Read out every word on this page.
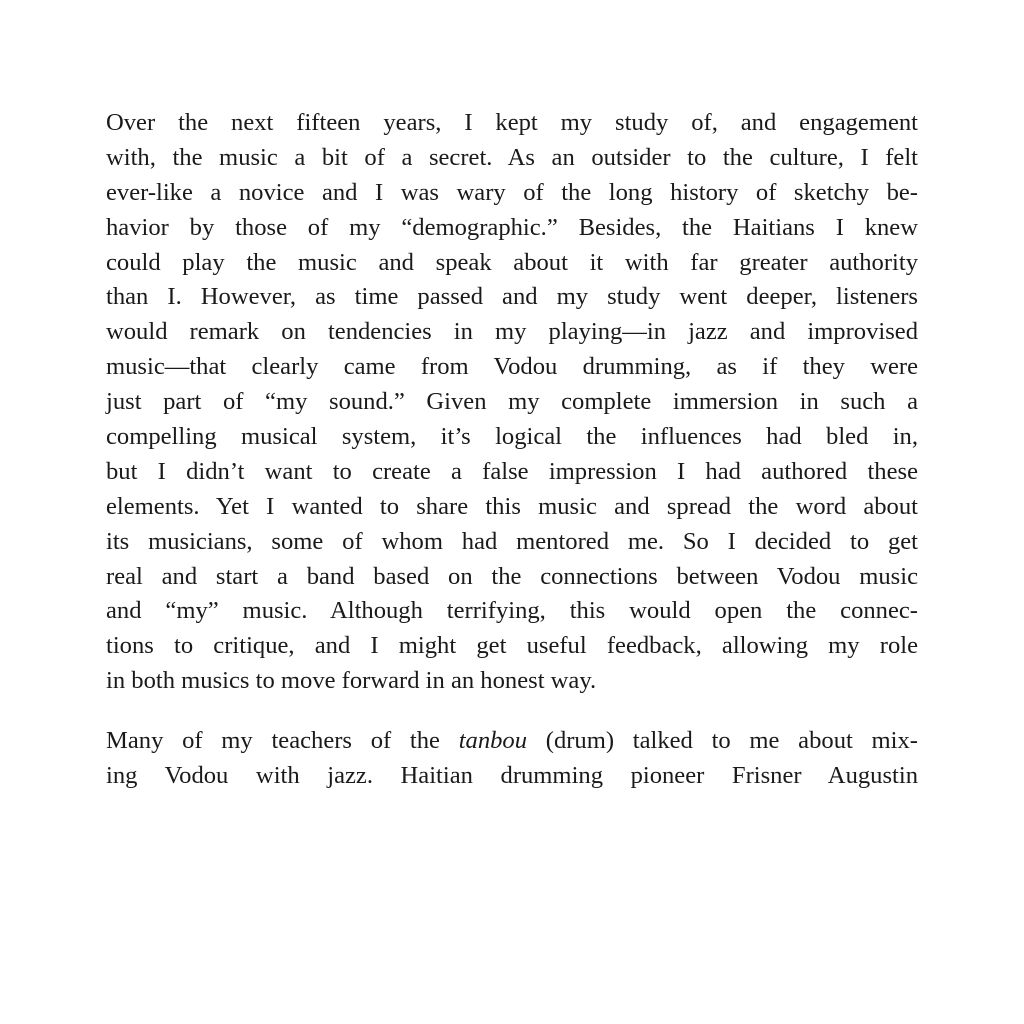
Over the next fifteen years, I kept my study of, and engagement
with, the music a bit of a secret. As an outsider to the culture, I felt
ever-like a novice and I was wary of the long history of sketchy be-
havior by those of my “demographic.” Besides, the Haitians I knew
could play the music and speak about it with far greater authority
than I. However, as time passed and my study went deeper, listeners
would remark on tendencies in my playing—in jazz and improvised
music—that clearly came from Vodou drumming, as if they were
just part of “my sound.” Given my complete immersion in such a
compelling musical system, it’s logical the influences had bled in,
but I didn’t want to create a false impression I had authored these
elements. Yet I wanted to share this music and spread the word about
its musicians, some of whom had mentored me. So I decided to get
real and start a band based on the connections between Vodou music
and “my” music. Although terrifying, this would open the connec-
tions to critique, and I might get useful feedback, allowing my role
in both musics to move forward in an honest way.
Many of my teachers of the tanbou (drum) talked to me about mix-
ing Vodou with jazz. Haitian drumming pioneer Frisner Augustin
